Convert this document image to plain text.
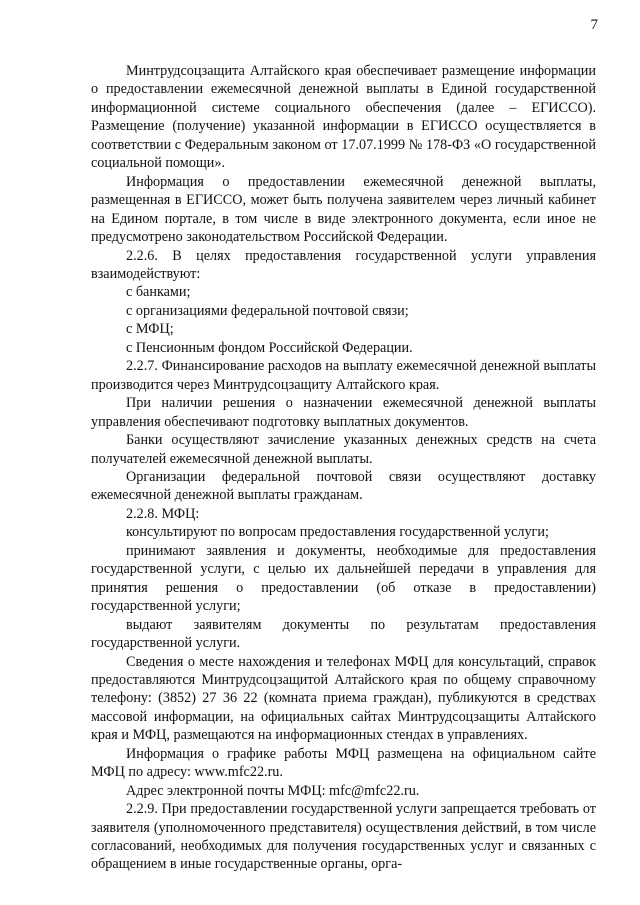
7

Минтрудсоцзащита Алтайского края обеспечивает размещение информации о предоставлении ежемесячной денежной выплаты в Единой государственной информационной системе социального обеспечения (далее – ЕГИССО). Размещение (получение) указанной информации в ЕГИССО осуществляется в соответствии с Федеральным законом от 17.07.1999 № 178-ФЗ «О государственной социальной помощи».

Информация о предоставлении ежемесячной денежной выплаты, размещенная в ЕГИССО, может быть получена заявителем через личный кабинет на Едином портале, в том числе в виде электронного документа, если иное не предусмотрено законодательством Российской Федерации.

2.2.6. В целях предоставления государственной услуги управления взаимодействуют:

с банками;

с организациями федеральной почтовой связи;

с МФЦ;

с Пенсионным фондом Российской Федерации.

2.2.7. Финансирование расходов на выплату ежемесячной денежной выплаты производится через Минтрудсоцзащиту Алтайского края.

При наличии решения о назначении ежемесячной денежной выплаты управления обеспечивают подготовку выплатных документов.

Банки осуществляют зачисление указанных денежных средств на счета получателей ежемесячной денежной выплаты.

Организации федеральной почтовой связи осуществляют доставку ежемесячной денежной выплаты гражданам.

2.2.8. МФЦ:

консультируют по вопросам предоставления государственной услуги;

принимают заявления и документы, необходимые для предоставления государственной услуги, с целью их дальнейшей передачи в управления для принятия решения о предоставлении (об отказе в предоставлении) государственной услуги;

выдают заявителям документы по результатам предоставления государственной услуги.

Сведения о месте нахождения и телефонах МФЦ для консультаций, справок предоставляются Минтрудсоцзащитой Алтайского края по общему справочному телефону: (3852) 27 36 22 (комната приема граждан), публикуются в средствах массовой информации, на официальных сайтах Минтрудсоцзащиты Алтайского края и МФЦ, размещаются на информационных стендах в управлениях.

Информация о графике работы МФЦ размещена на официальном сайте МФЦ по адресу: www.mfc22.ru.

Адрес электронной почты МФЦ: mfc@mfc22.ru.

2.2.9. При предоставлении государственной услуги запрещается требовать от заявителя (уполномоченного представителя) осуществления действий, в том числе согласований, необходимых для получения государственных услуг и связанных с обращением в иные государственные органы, орга-
